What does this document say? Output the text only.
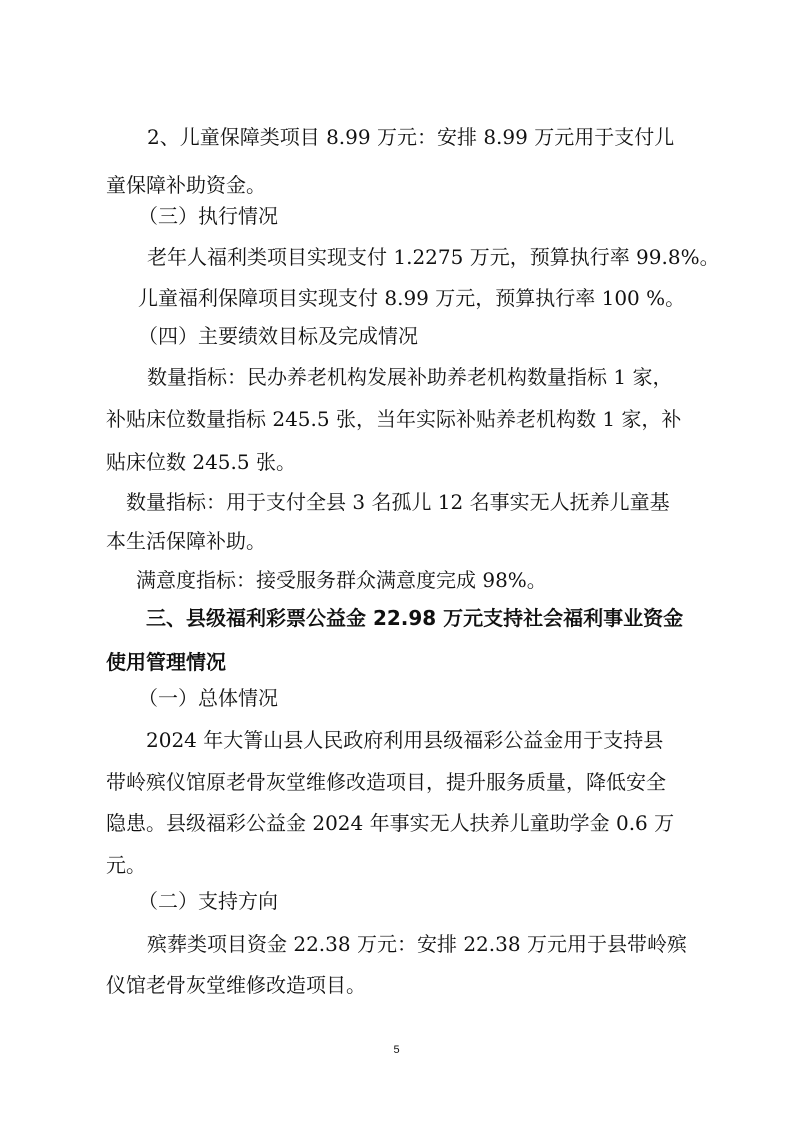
2、儿童保障类项目 8.99 万元：安排 8.99 万元用于支付儿
童保障补助资金。
（三）执行情况
老年人福利类项目实现支付 1.2275 万元，预算执行率 99.8%。
儿童福利保障项目实现支付 8.99 万元，预算执行率 100 %。
（四）主要绩效目标及完成情况
数量指标：民办养老机构发展补助养老机构数量指标 1 家，
补贴床位数量指标 245.5 张，当年实际补贴养老机构数 1 家，补
贴床位数 245.5 张。
数量指标：用于支付全县 3 名孤儿 12 名事实无人抚养儿童基
本生活保障补助。
满意度指标：接受服务群众满意度完成 98%。
三、县级福利彩票公益金 22.98 万元支持社会福利事业资金
使用管理情况
（一）总体情况
2024 年大箐山县人民政府利用县级福彩公益金用于支持县
带岭殡仪馆原老骨灰堂维修改造项目，提升服务质量，降低安全
隐患。县级福彩公益金 2024 年事实无人扶养儿童助学金 0.6 万
元。
（二）支持方向
殡葬类项目资金 22.38 万元：安排 22.38 万元用于县带岭殡
仪馆老骨灰堂维修改造项目。
5
